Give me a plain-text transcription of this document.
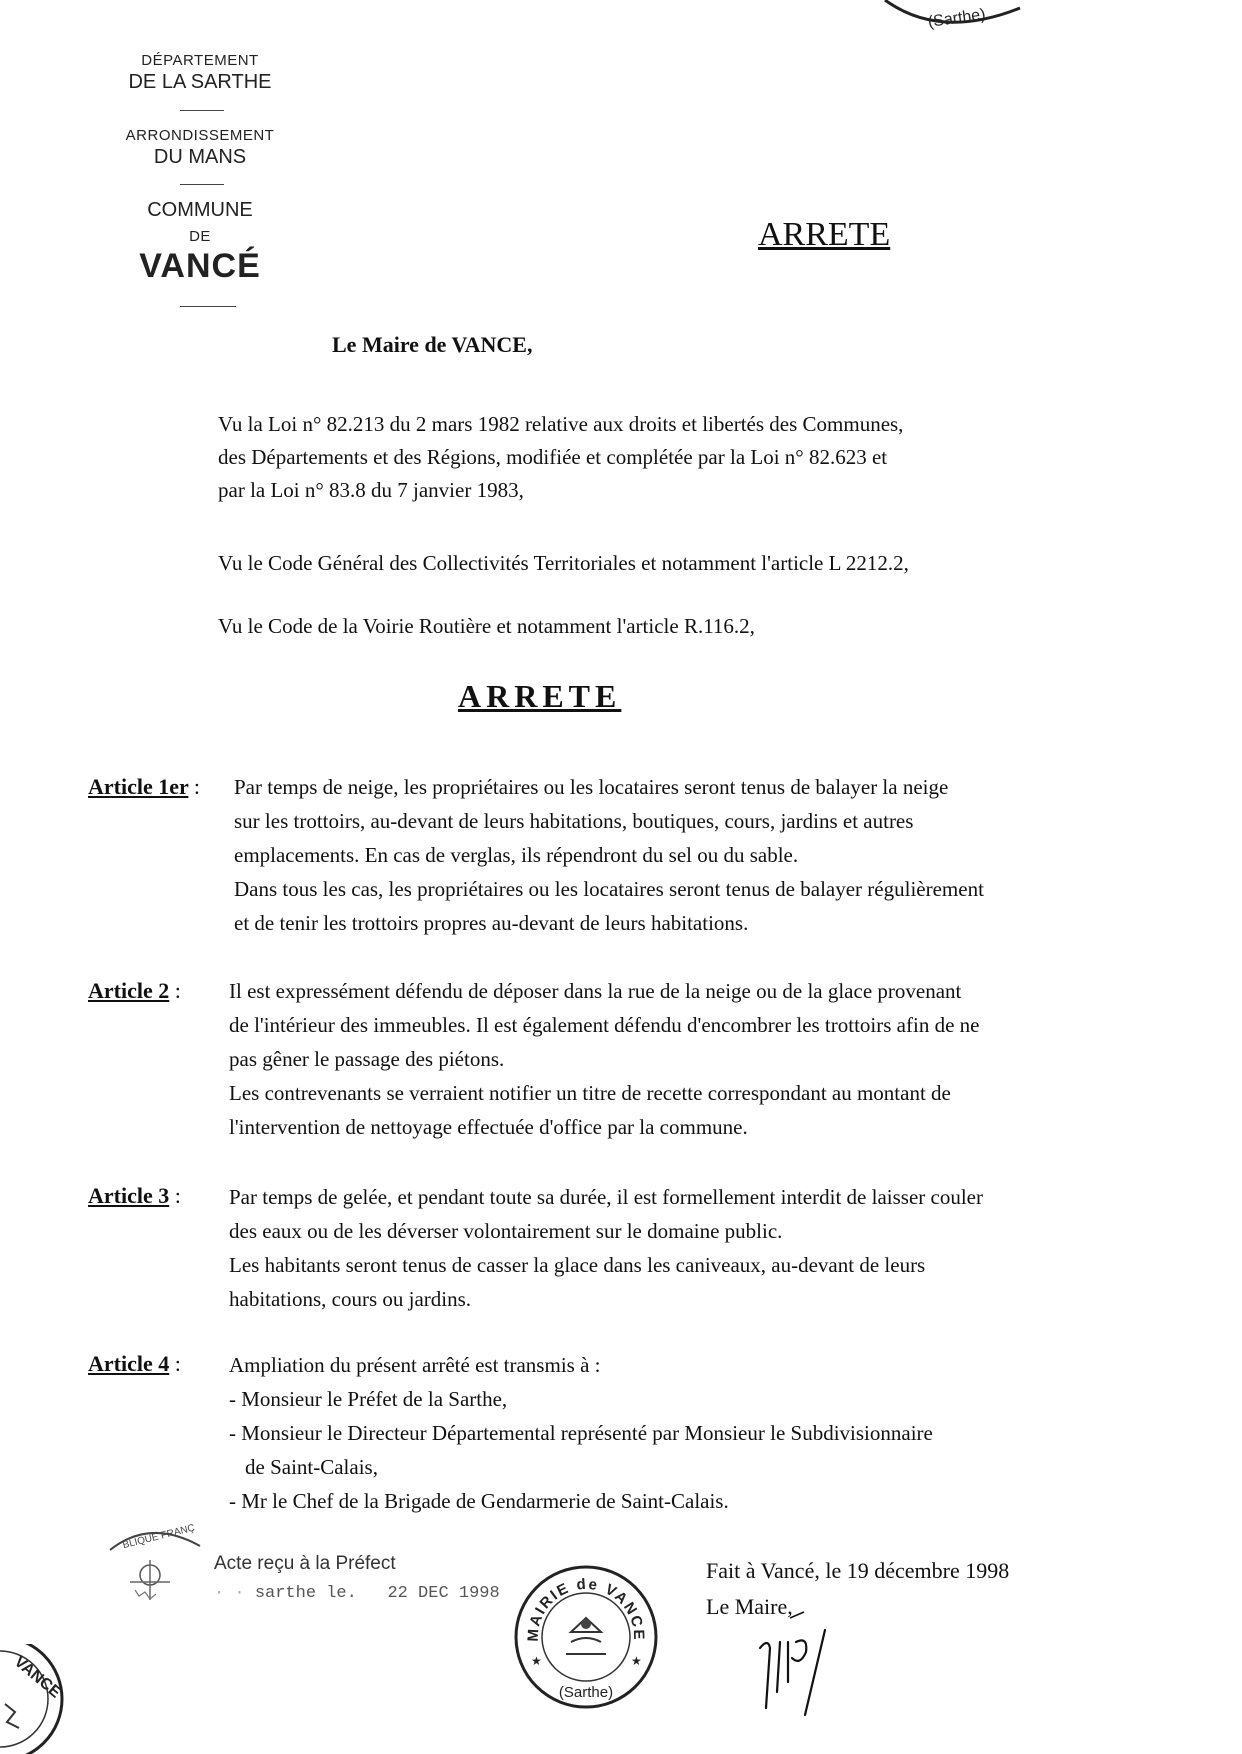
(Sarthe)
DÉPARTEMENT
DE LA SARTHE
ARRONDISSEMENT
DU MANS
COMMUNE
DE
VANCÉ
ARRETE
Le Maire de VANCE,
Vu la Loi n° 82.213 du 2 mars 1982 relative aux droits et libertés des Communes,
des Départements et des Régions, modifiée et complétée par la Loi n° 82.623 et
par la Loi n° 83.8 du 7 janvier 1983,
Vu le Code Général des Collectivités Territoriales et notamment l'article L 2212.2,
Vu le Code de la Voirie Routière et notamment l'article R.116.2,
ARRETE
Article 1er : Par temps de neige, les propriétaires ou les locataires seront tenus de balayer la neige
sur les trottoirs, au-devant de leurs habitations, boutiques, cours, jardins et autres
emplacements. En cas de verglas, ils répendront du sel ou du sable.
Dans tous les cas, les propriétaires ou les locataires seront tenus de balayer régulièrement
et de tenir les trottoirs propres au-devant de leurs habitations.
Article 2 : Il est expressément défendu de déposer dans la rue de la neige ou de la glace provenant
de l'intérieur des immeubles. Il est également défendu d'encombrer les trottoirs afin de ne
pas gêner le passage des piétons.
Les contrevenants se verraient notifier un titre de recette correspondant au montant de
l'intervention de nettoyage effectuée d'office par la commune.
Article 3 : Par temps de gelée, et pendant toute sa durée, il est formellement interdit de laisser couler
des eaux ou de les déverser volontairement sur le domaine public.
Les habitants seront tenus de casser la glace dans les caniveaux, au-devant de leurs
habitations, cours ou jardins.
Article 4 : Ampliation du présent arrêté est transmis à :
- Monsieur le Préfet de la Sarthe,
- Monsieur le Directeur Départemental représenté par Monsieur le Subdivisionnaire
de Saint-Calais,
- Mr le Chef de la Brigade de Gendarmerie de Saint-Calais.
BLIQUE FRANÇ
Acte reçu à la Préfect
· · sarthe le. 22 DEC 1998
VANCE
MAIRIE de VANCE
★	★
(Sarthe)
Fait à Vancé, le 19 décembre 1998
Le Maire,
